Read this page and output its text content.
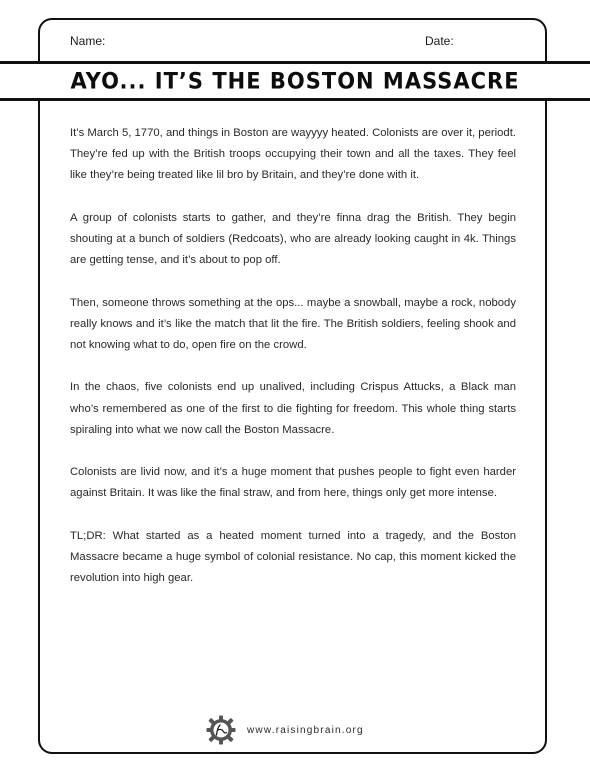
Name:	Date:
AYO... IT’S THE BOSTON MASSACRE

It’s March 5, 1770, and things in Boston are wayyyy heated. Colonists are over it, periodt. They’re fed up with the British troops occupying their town and all the taxes. They feel like they’re being treated like lil bro by Britain, and they’re done with it.

A group of colonists starts to gather, and they’re finna drag the British. They begin shouting at a bunch of soldiers (Redcoats), who are already looking caught in 4k. Things are getting tense, and it’s about to pop off.

Then, someone throws something at the ops... maybe a snowball, maybe a rock, nobody really knows and it’s like the match that lit the fire. The British soldiers, feeling shook and not knowing what to do, open fire on the crowd.

In the chaos, five colonists end up unalived, including Crispus Attucks, a Black man who’s remembered as one of the first to die fighting for freedom. This whole thing starts spiraling into what we now call the Boston Massacre.

Colonists are livid now, and it’s a huge moment that pushes people to fight even harder against Britain. It was like the final straw, and from here, things only get more intense.

TL;DR: What started as a heated moment turned into a tragedy, and the Boston Massacre became a huge symbol of colonial resistance. No cap, this moment kicked the revolution into high gear.

www.raisingbrain.org
